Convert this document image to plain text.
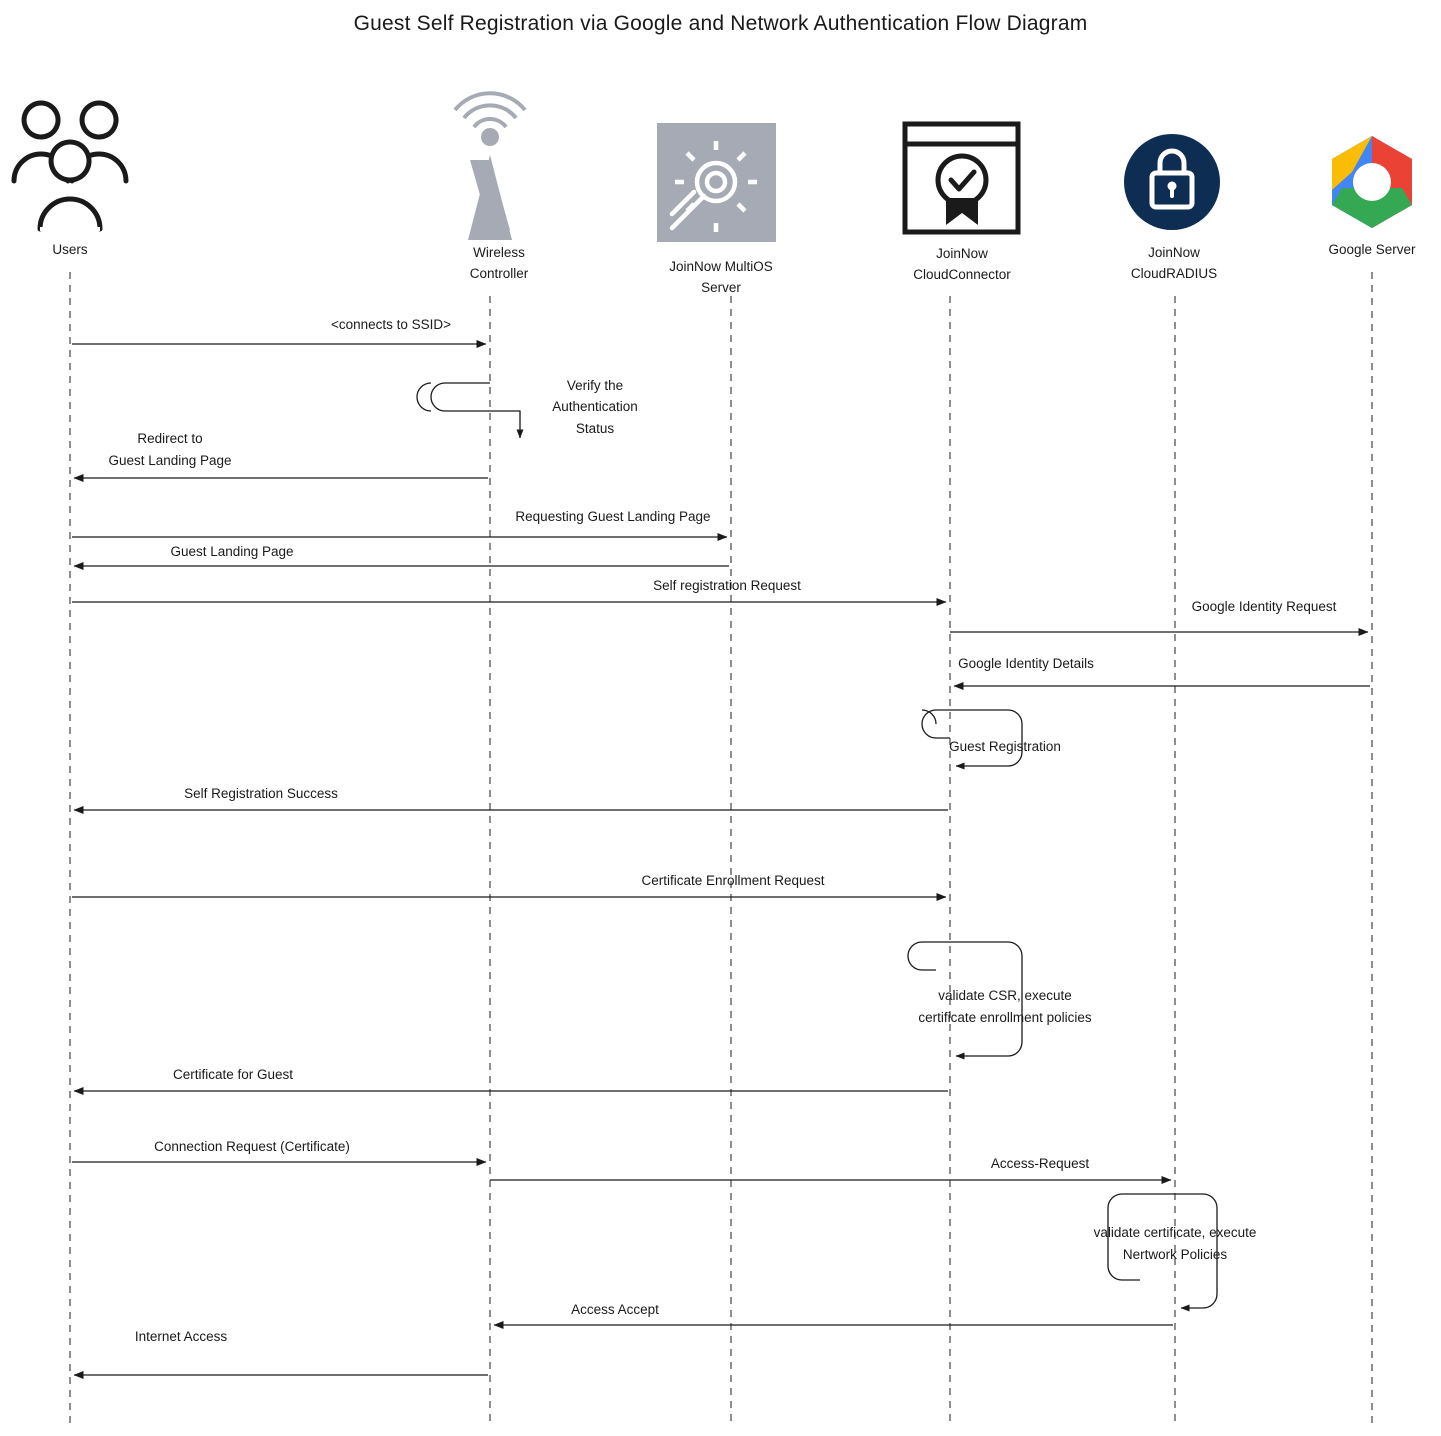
Guest Self Registration via Google and Network Authentication Flow Diagram
Users	Wireless
Controller	JoinNow MultiOS
Server
JoinNow
CloudConnector
JoinNow
CloudRADIUS
Google Server
<connects to SSID>
Verify the
Authentication
Status
Redirect to
Guest Landing Page
Requesting Guest Landing Page
Guest Landing Page
Self registration Request
Google Identity Request
Google Identity Details
Guest Registration
Self Registration Success
Certificate Enrollment Request
validate CSR, execute
certificate enrollment policies
Certificate for Guest
Connection Request (Certificate)
Access-Request
validate certificate, execute
Nertwork Policies
Access Accept
Internet Access
